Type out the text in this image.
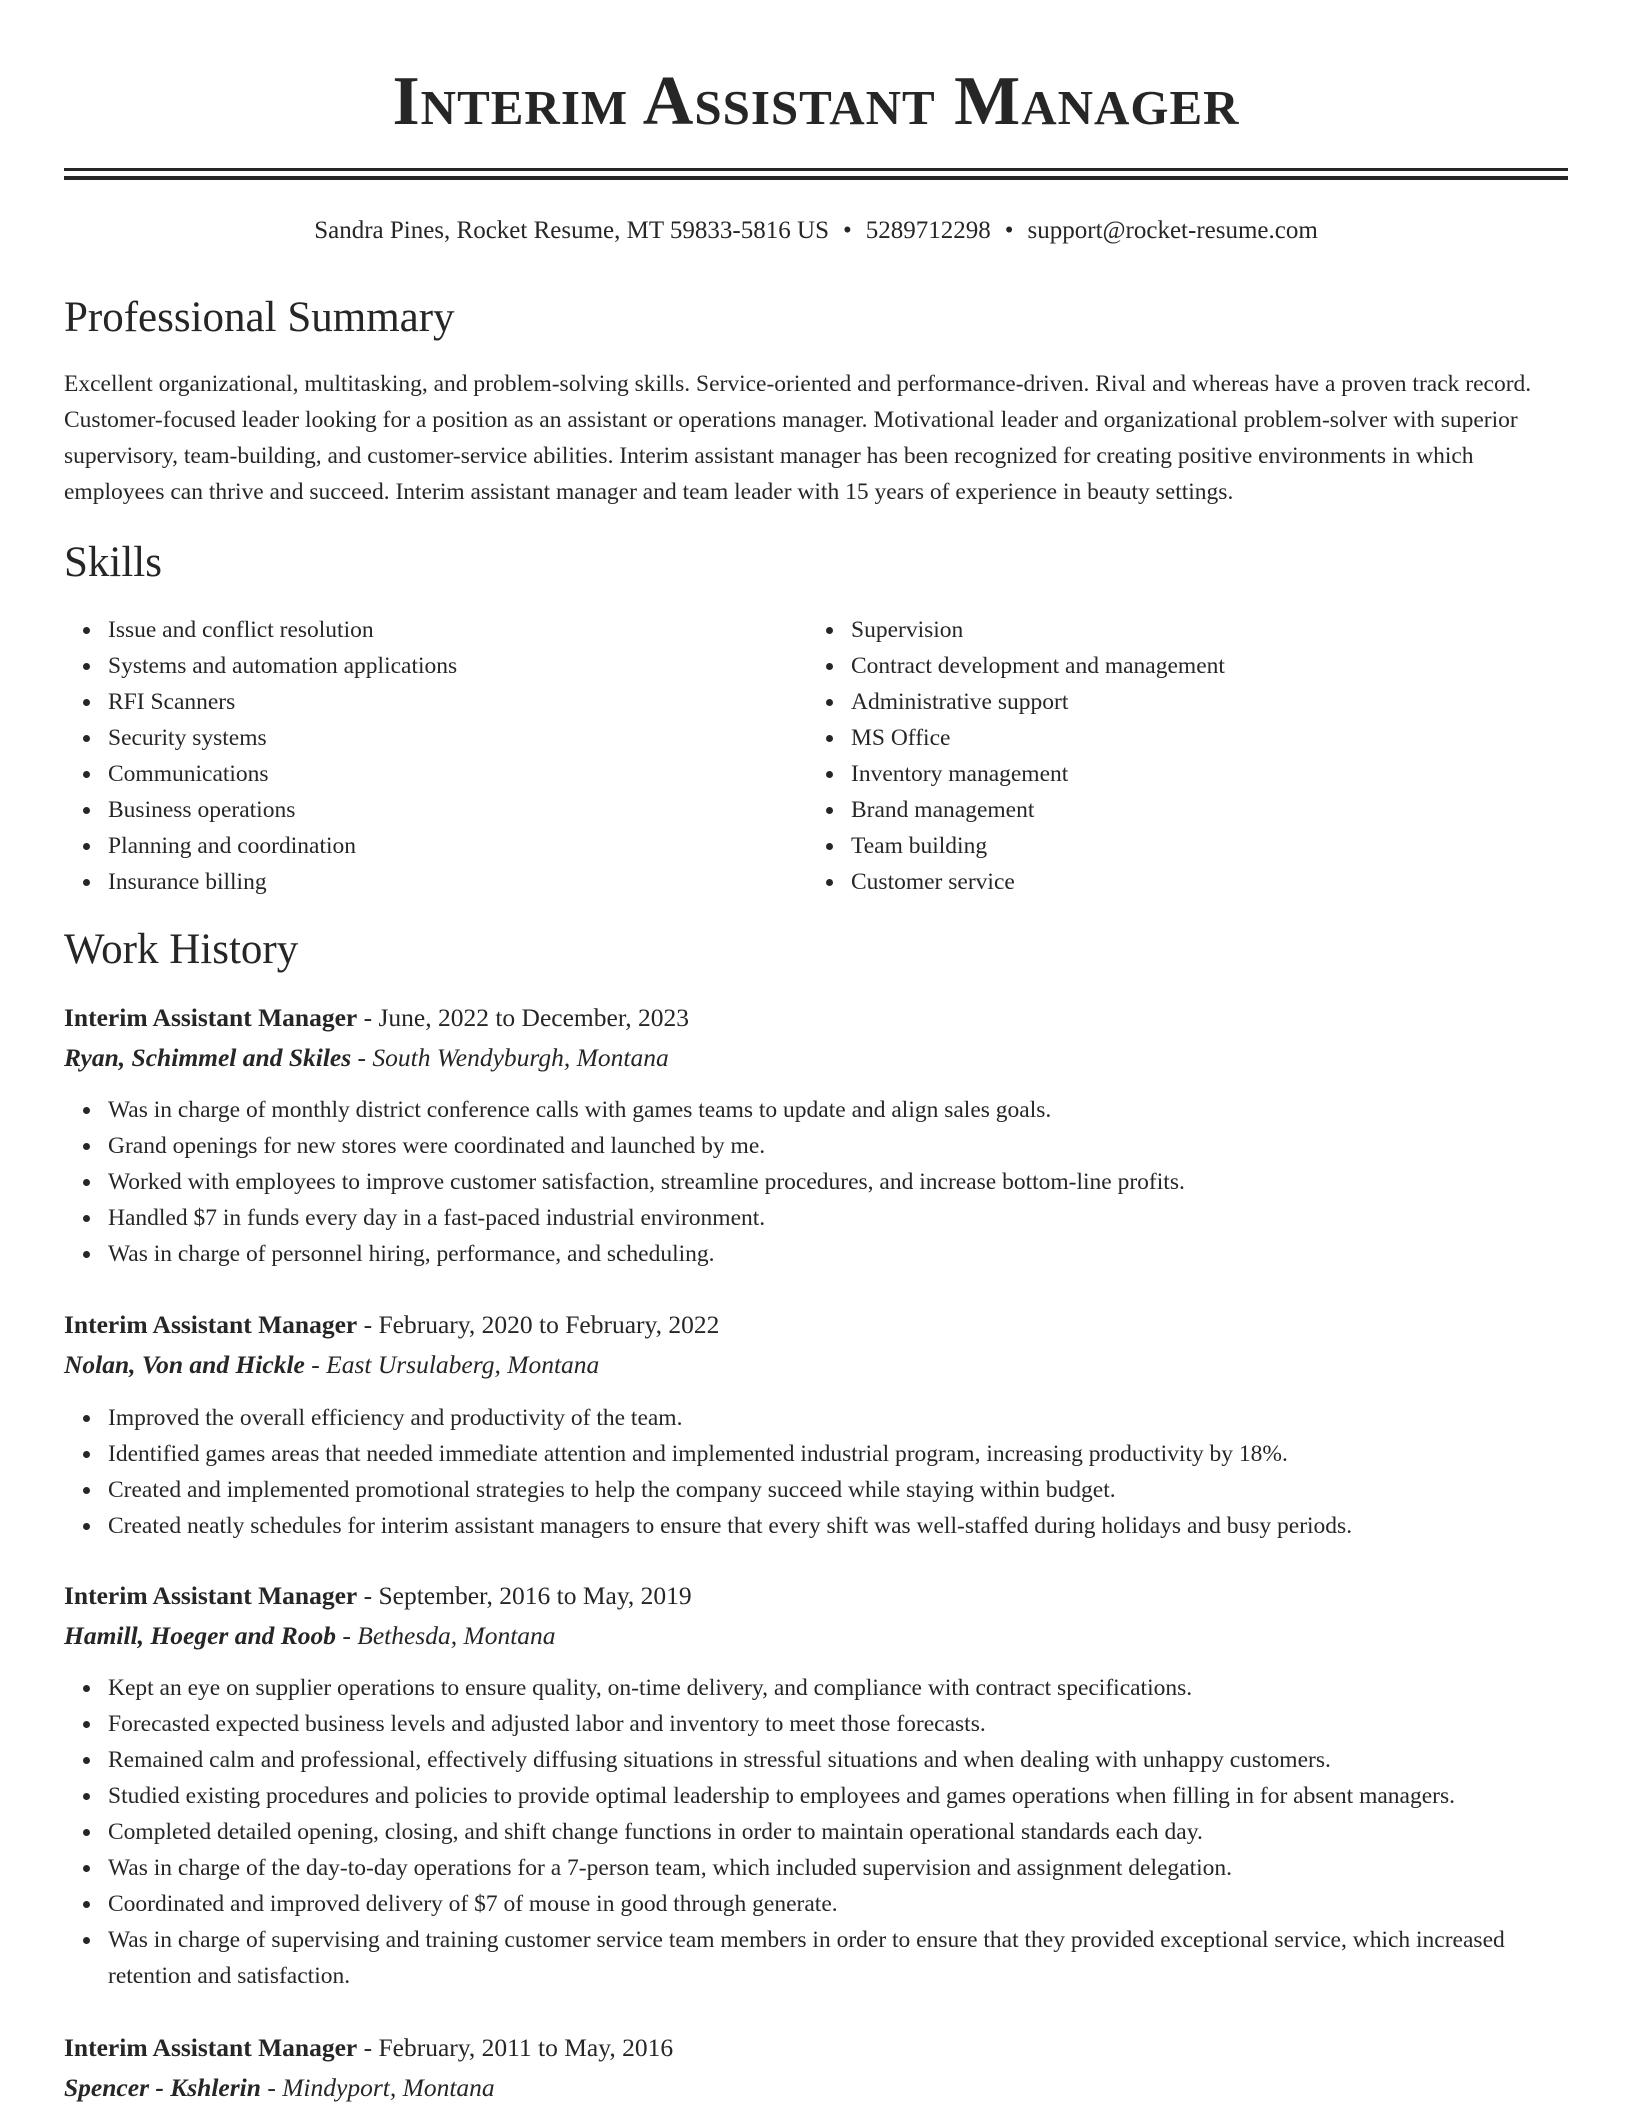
Interim Assistant Manager
Sandra Pines, Rocket Resume, MT 59833-5816 US • 5289712298 • support@rocket-resume.com
Professional Summary

Excellent organizational, multitasking, and problem-solving skills. Service-oriented and performance-driven. Rival and whereas have a proven track record. Customer-focused leader looking for a position as an assistant or operations manager. Motivational leader and organizational problem-solver with superior supervisory, team-building, and customer-service abilities. Interim assistant manager has been recognized for creating positive environments in which employees can thrive and succeed. Interim assistant manager and team leader with 15 years of experience in beauty settings.

Skills
Issue and conflict resolution
Systems and automation applications
RFI Scanners
Security systems
Communications
Business operations
Planning and coordination
Insurance billing
Supervision
Contract development and management
Administrative support
MS Office
Inventory management
Brand management
Team building
Customer service
Work History
Interim Assistant Manager - June, 2022 to December, 2023
Ryan, Schimmel and Skiles - South Wendyburgh, Montana
Was in charge of monthly district conference calls with games teams to update and align sales goals.
Grand openings for new stores were coordinated and launched by me.
Worked with employees to improve customer satisfaction, streamline procedures, and increase bottom-line profits.
Handled $7 in funds every day in a fast-paced industrial environment.
Was in charge of personnel hiring, performance, and scheduling.
Interim Assistant Manager - February, 2020 to February, 2022
Nolan, Von and Hickle - East Ursulaberg, Montana
Improved the overall efficiency and productivity of the team.
Identified games areas that needed immediate attention and implemented industrial program, increasing productivity by 18%.
Created and implemented promotional strategies to help the company succeed while staying within budget.
Created neatly schedules for interim assistant managers to ensure that every shift was well-staffed during holidays and busy periods.
Interim Assistant Manager - September, 2016 to May, 2019
Hamill, Hoeger and Roob - Bethesda, Montana
Kept an eye on supplier operations to ensure quality, on-time delivery, and compliance with contract specifications.
Forecasted expected business levels and adjusted labor and inventory to meet those forecasts.
Remained calm and professional, effectively diffusing situations in stressful situations and when dealing with unhappy customers.
Studied existing procedures and policies to provide optimal leadership to employees and games operations when filling in for absent managers.
Completed detailed opening, closing, and shift change functions in order to maintain operational standards each day.
Was in charge of the day-to-day operations for a 7-person team, which included supervision and assignment delegation.
Coordinated and improved delivery of $7 of mouse in good through generate.
Was in charge of supervising and training customer service team members in order to ensure that they provided exceptional service, which increased retention and satisfaction.
Interim Assistant Manager - February, 2011 to May, 2016
Spencer - Kshlerin - Mindyport, Montana
